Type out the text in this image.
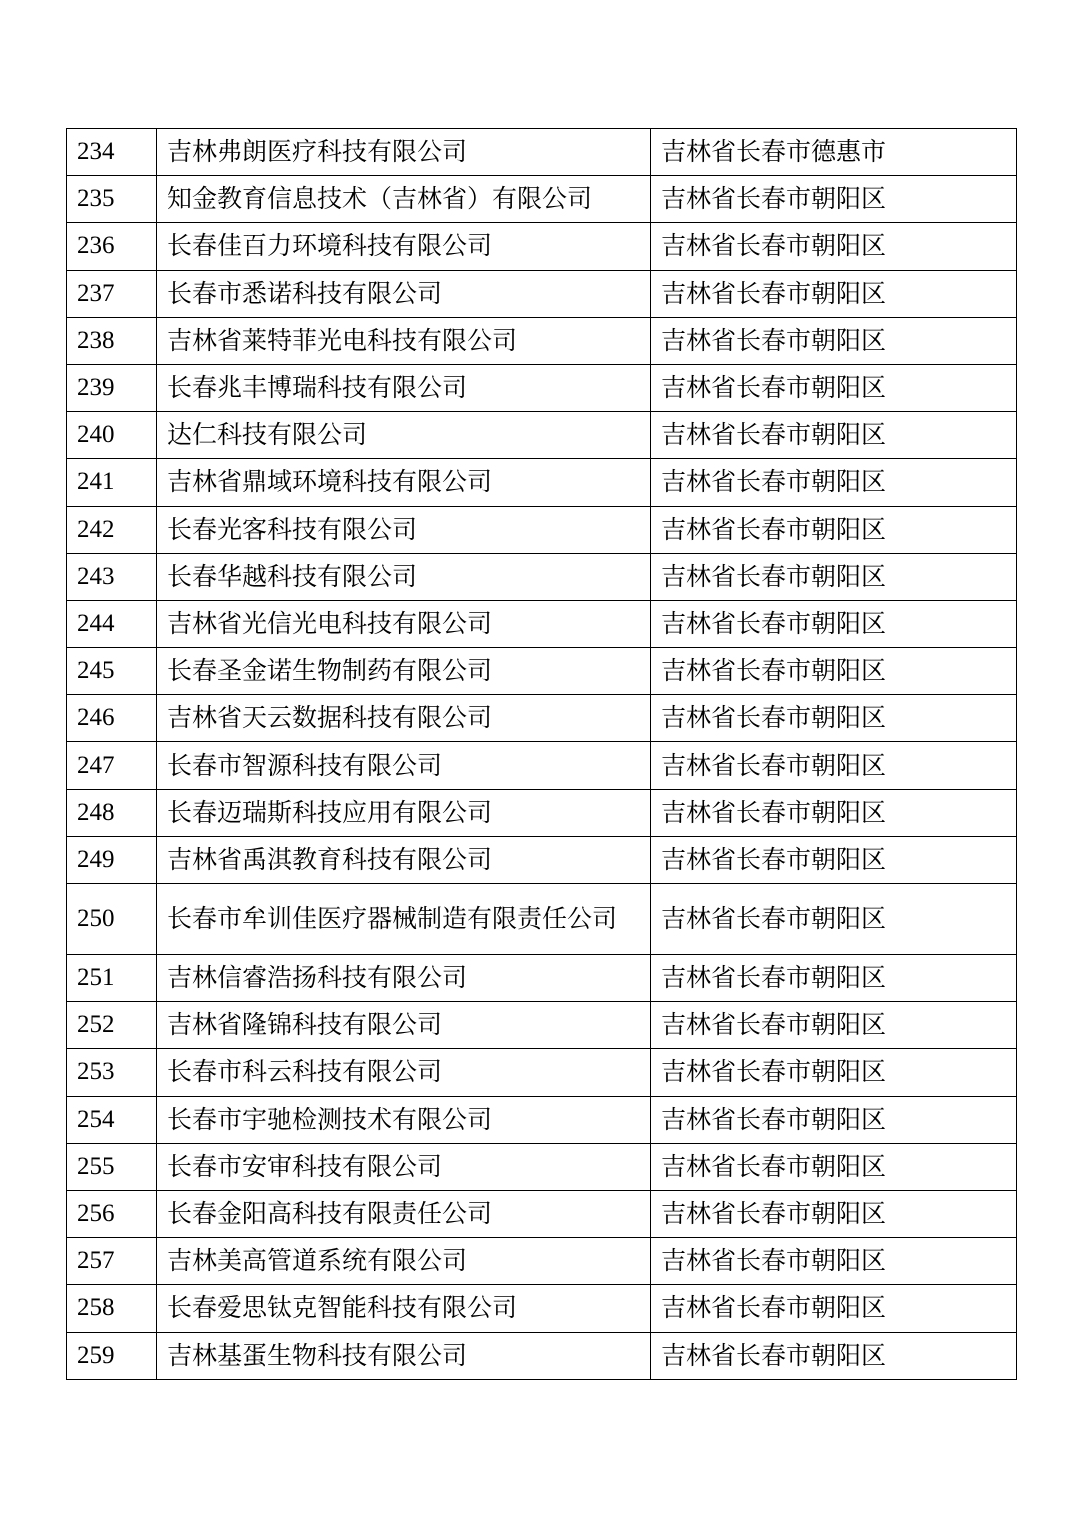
234	吉林弗朗医疗科技有限公司	吉林省长春市德惠市
235	知金教育信息技术（吉林省）有限公司	吉林省长春市朝阳区
236	长春佳百力环境科技有限公司	吉林省长春市朝阳区
237	长春市悉诺科技有限公司	吉林省长春市朝阳区
238	吉林省莱特菲光电科技有限公司	吉林省长春市朝阳区
239	长春兆丰博瑞科技有限公司	吉林省长春市朝阳区
240	达仁科技有限公司	吉林省长春市朝阳区
241	吉林省鼎域环境科技有限公司	吉林省长春市朝阳区
242	长春光客科技有限公司	吉林省长春市朝阳区
243	长春华越科技有限公司	吉林省长春市朝阳区
244	吉林省光信光电科技有限公司	吉林省长春市朝阳区
245	长春圣金诺生物制药有限公司	吉林省长春市朝阳区
246	吉林省天云数据科技有限公司	吉林省长春市朝阳区
247	长春市智源科技有限公司	吉林省长春市朝阳区
248	长春迈瑞斯科技应用有限公司	吉林省长春市朝阳区
249	吉林省禹淇教育科技有限公司	吉林省长春市朝阳区
250	长春市牟训佳医疗器械制造有限责任公司	吉林省长春市朝阳区
251	吉林信睿浩扬科技有限公司	吉林省长春市朝阳区
252	吉林省隆锦科技有限公司	吉林省长春市朝阳区
253	长春市科云科技有限公司	吉林省长春市朝阳区
254	长春市宇驰检测技术有限公司	吉林省长春市朝阳区
255	长春市安审科技有限公司	吉林省长春市朝阳区
256	长春金阳高科技有限责任公司	吉林省长春市朝阳区
257	吉林美高管道系统有限公司	吉林省长春市朝阳区
258	长春爱思钛克智能科技有限公司	吉林省长春市朝阳区
259	吉林基蛋生物科技有限公司	吉林省长春市朝阳区
